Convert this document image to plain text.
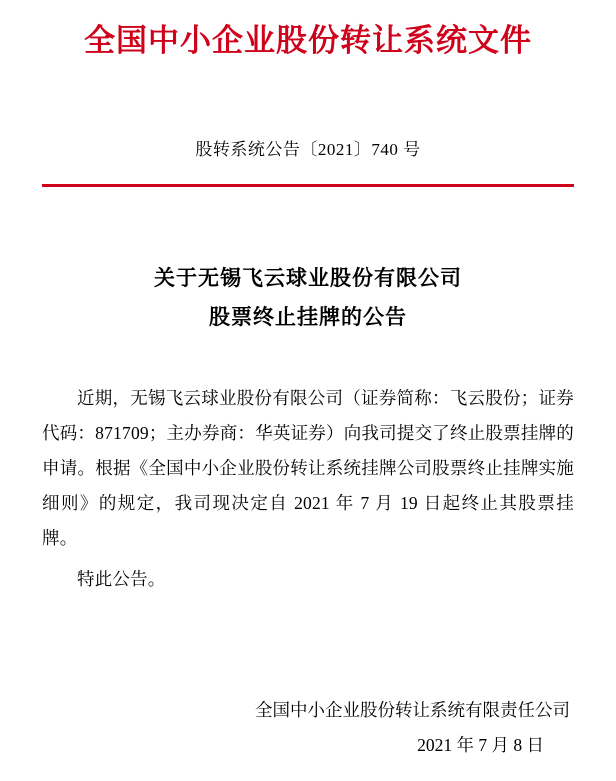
全国中小企业股份转让系统文件
股转系统公告〔2021〕740 号
关于无锡飞云球业股份有限公司
股票终止挂牌的公告

近期，无锡飞云球业股份有限公司（证券简称：飞云股份；证券代码：871709；主办券商：华英证券）向我司提交了终止股票挂牌的申请。根据《全国中小企业股份转让系统挂牌公司股票终止挂牌实施细则》的规定，我司现决定自 2021 年 7 月 19 日起终止其股票挂牌。

特此公告。

全国中小企业股份转让系统有限责任公司
2021 年 7 月 8 日
